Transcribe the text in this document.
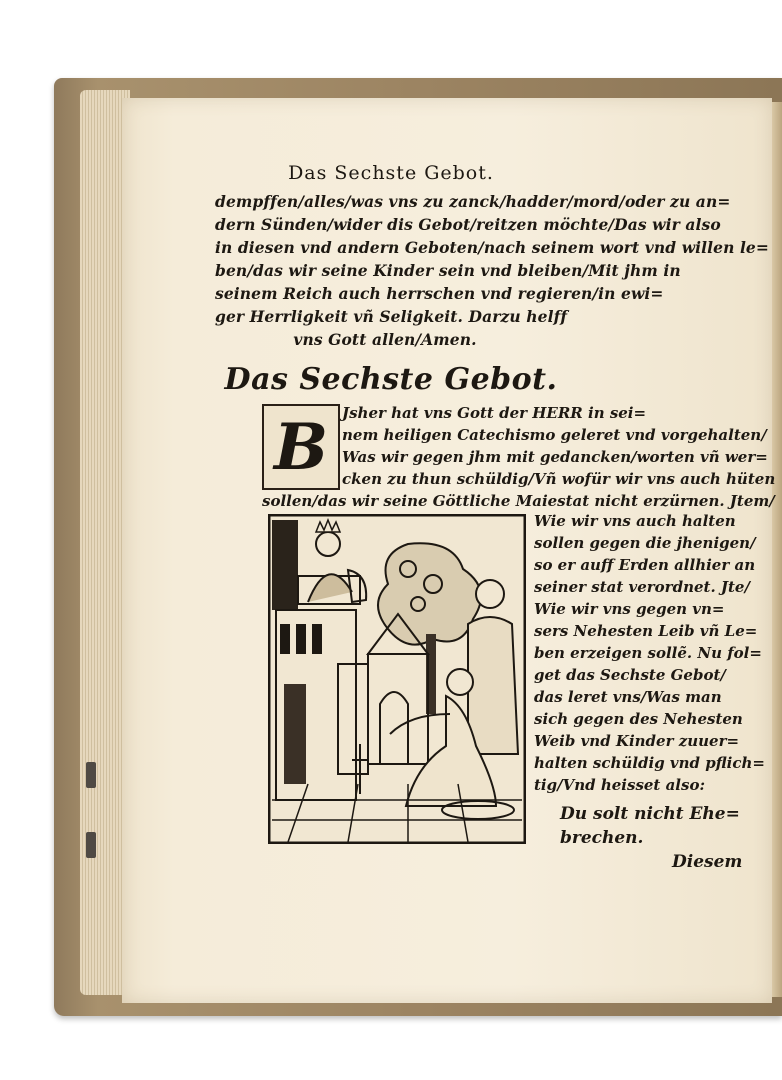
Das Sechste Gebot.
dempffen/alles/was vns zu zanck/hadder/mord/oder zu an=
dern Sünden/wider dis Gebot/reitzen möchte/Das wir also
in diesen vnd andern Geboten/nach seinem wort vnd willen le=
ben/das wir seine Kinder sein vnd bleiben/Mit jhm in
seinem Reich auch herrschen vnd regieren/in ewi=
ger Herrligkeit vñ Seligkeit. Darzu helff
vns Gott allen/Amen.
Das Sechste Gebot.
B Jsher hat vns Gott der HERR in sei=
nem heiligen Catechismo geleret vnd vorgehalten/
Was wir gegen jhm mit gedancken/worten vñ wer=
cken zu thun schüldig/Vñ wofür wir vns auch hüten
sollen/das wir seine Göttliche Maiestat nicht erzürnen. Jtem/
Wie wir vns auch halten
sollen gegen die jhenigen/
so er auff Erden allhier an
seiner stat verordnet. Jte/
Wie wir vns gegen vn=
sers Nehesten Leib vñ Le=
ben erzeigen sollẽ. Nu fol=
get das Sechste Gebot/
das leret vns/Was man
sich gegen des Nehesten
Weib vnd Kinder zuuer=
halten schüldig vnd pflich=
tig/Vnd heisset also:
Du solt nicht Ehe=
brechen.
Diesem
